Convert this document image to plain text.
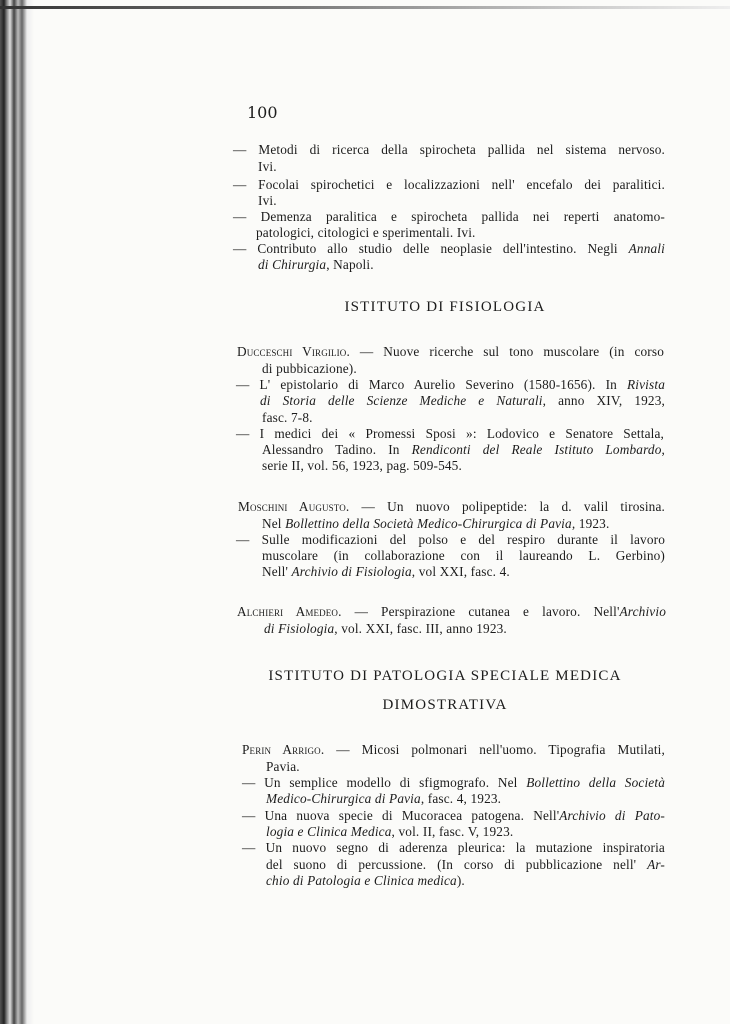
100
ISTITUTO DI FISIOLOGIA
ISTITUTO DI PATOLOGIA SPECIALE MEDICA
DIMOSTRATIVA
— Metodi di ricerca della spirocheta pallida nel sistema nervoso.
Ivi.
— Focolai spirochetici e localizzazioni nell' encefalo dei paralitici.
Ivi.
— Demenza paralitica e spirocheta pallida nei reperti anatomo-
patologici, citologici e sperimentali. Ivi.
— Contributo allo studio delle neoplasie dell'intestino. Negli Annali
di Chirurgia, Napoli.
Ducceschi Virgilio. — Nuove ricerche sul tono muscolare (in corso
di pubbicazione).
— L' epistolario di Marco Aurelio Severino (1580-1656). In Rivista
di Storia delle Scienze Mediche e Naturali, anno XIV, 1923,
fasc. 7-8.
— I medici dei « Promessi Sposi »: Lodovico e Senatore Settala,
Alessandro Tadino. In Rendiconti del Reale Istituto Lombardo,
serie II, vol. 56, 1923, pag. 509-545.
Moschini Augusto. — Un nuovo polipeptide: la d. valil tirosina.
Nel Bollettino della Società Medico-Chirurgica di Pavia, 1923.
— Sulle modificazioni del polso e del respiro durante il lavoro
muscolare (in collaborazione con il laureando L. Gerbino)
Nell' Archivio di Fisiologia, vol XXI, fasc. 4.
Alchieri Amedeo. — Perspirazione cutanea e lavoro. Nell'Archivio
di Fisiologia, vol. XXI, fasc. III, anno 1923.
Perin Arrigo. — Micosi polmonari nell'uomo. Tipografia Mutilati,
Pavia.
— Un semplice modello di sfigmografo. Nel Bollettino della Società
Medico-Chirurgica di Pavia, fasc. 4, 1923.
— Una nuova specie di Mucoracea patogena. Nell'Archivio di Pato-
logia e Clinica Medica, vol. II, fasc. V, 1923.
— Un nuovo segno di aderenza pleurica: la mutazione inspiratoria
del suono di percussione. (In corso di pubblicazione nell' Ar-
chio di Patologia e Clinica medica).
